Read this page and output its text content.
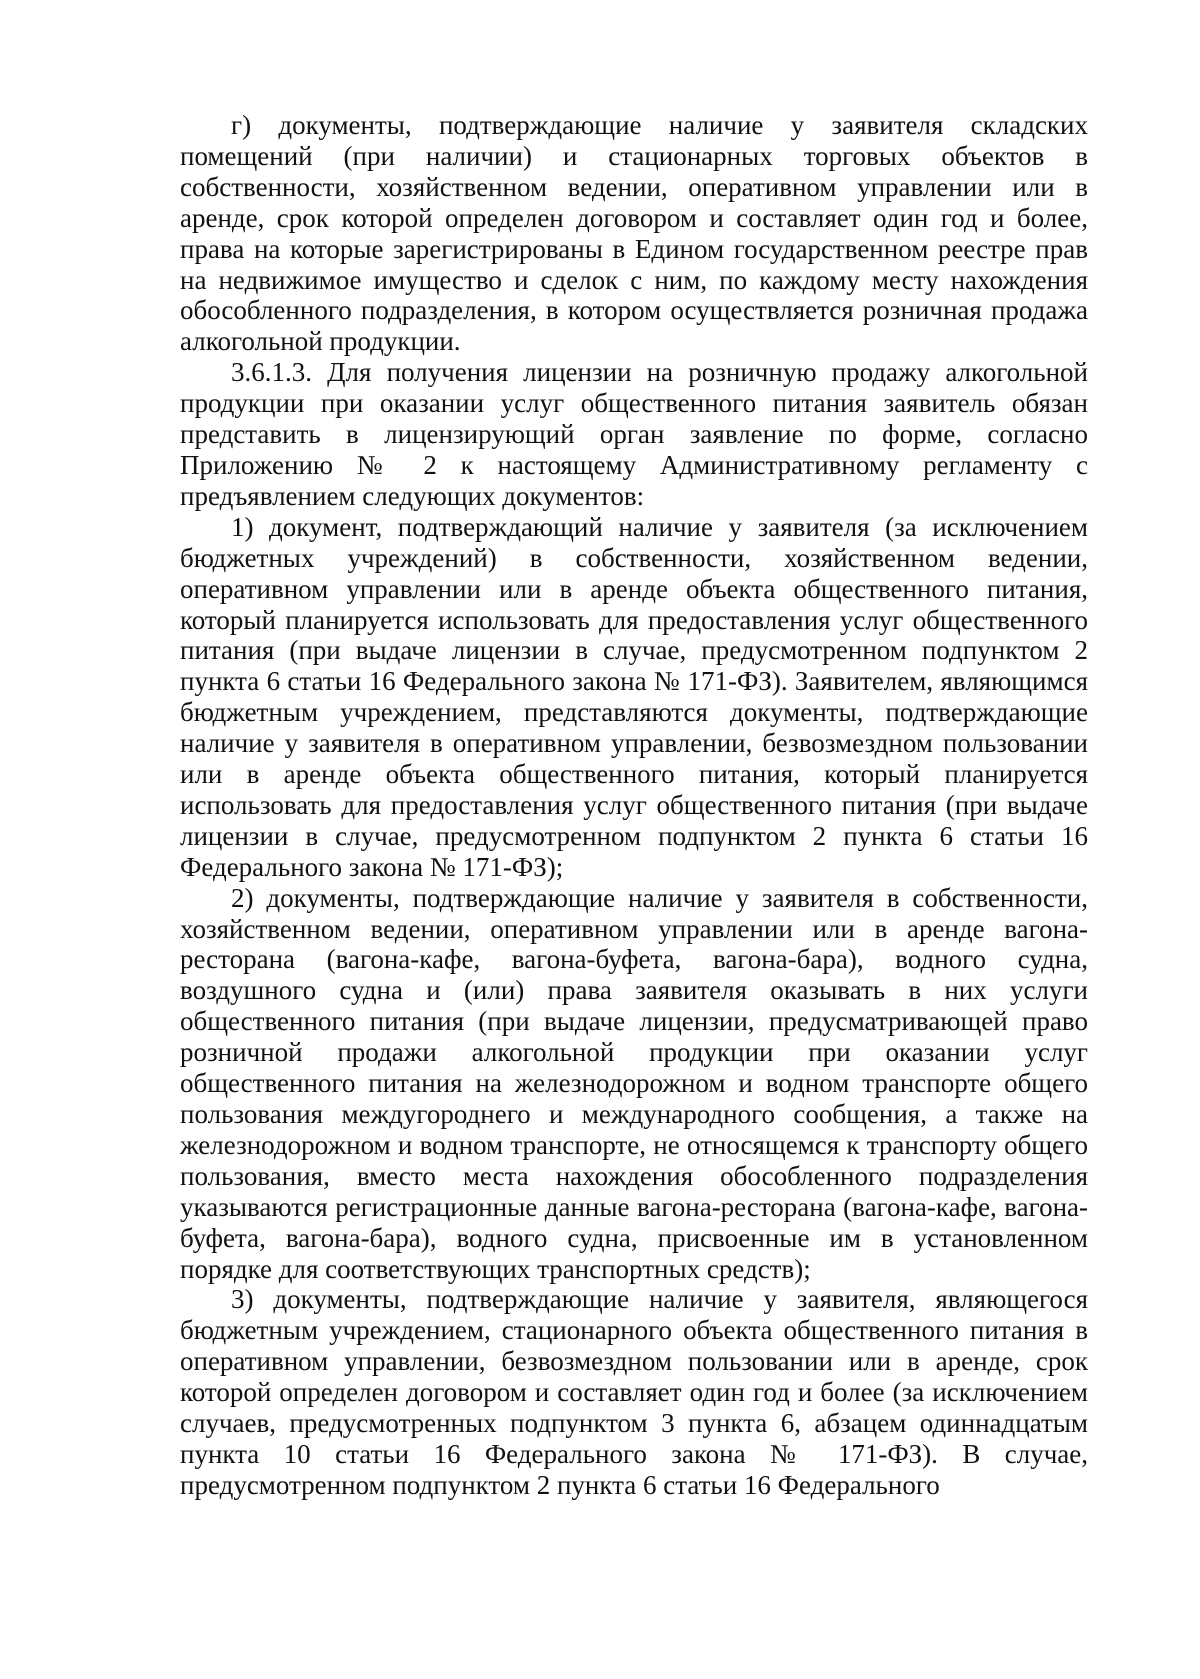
г) документы, подтверждающие наличие у заявителя складских помещений (при наличии) и стационарных торговых объектов в собственности, хозяйственном ведении, оперативном управлении или в аренде, срок которой определен договором и составляет один год и более, права на которые зарегистрированы в Едином государственном реестре прав на недвижимое имущество и сделок с ним, по каждому месту нахождения обособленного подразделения, в котором осуществляется розничная продажа алкогольной продукции.

3.6.1.3. Для получения лицензии на розничную продажу алкогольной продукции при оказании услуг общественного питания заявитель обязан представить в лицензирующий орган заявление по форме, согласно Приложению № 2 к настоящему Административному регламенту с предъявлением следующих документов:

1) документ, подтверждающий наличие у заявителя (за исключением бюджетных учреждений) в собственности, хозяйственном ведении, оперативном управлении или в аренде объекта общественного питания, который планируется использовать для предоставления услуг общественного питания (при выдаче лицензии в случае, предусмотренном подпунктом 2 пункта 6 статьи 16 Федерального закона № 171-ФЗ). Заявителем, являющимся бюджетным учреждением, представляются документы, подтверждающие наличие у заявителя в оперативном управлении, безвозмездном пользовании или в аренде объекта общественного питания, который планируется использовать для предоставления услуг общественного питания (при выдаче лицензии в случае, предусмотренном подпунктом 2 пункта 6 статьи 16 Федерального закона № 171-ФЗ);

2) документы, подтверждающие наличие у заявителя в собственности, хозяйственном ведении, оперативном управлении или в аренде вагона-ресторана (вагона-кафе, вагона-буфета, вагона-бара), водного судна, воздушного судна и (или) права заявителя оказывать в них услуги общественного питания (при выдаче лицензии, предусматривающей право розничной продажи алкогольной продукции при оказании услуг общественного питания на железнодорожном и водном транспорте общего пользования междугороднего и международного сообщения, а также на железнодорожном и водном транспорте, не относящемся к транспорту общего пользования, вместо места нахождения обособленного подразделения указываются регистрационные данные вагона-ресторана (вагона-кафе, вагона-буфета, вагона-бара), водного судна, присвоенные им в установленном порядке для соответствующих транспортных средств);

3) документы, подтверждающие наличие у заявителя, являющегося бюджетным учреждением, стационарного объекта общественного питания в оперативном управлении, безвозмездном пользовании или в аренде, срок которой определен договором и составляет один год и более (за исключением случаев, предусмотренных подпунктом 3 пункта 6, абзацем одиннадцатым пункта 10 статьи 16 Федерального закона № 171-ФЗ). В случае, предусмотренном подпунктом 2 пункта 6 статьи 16 Федерального
